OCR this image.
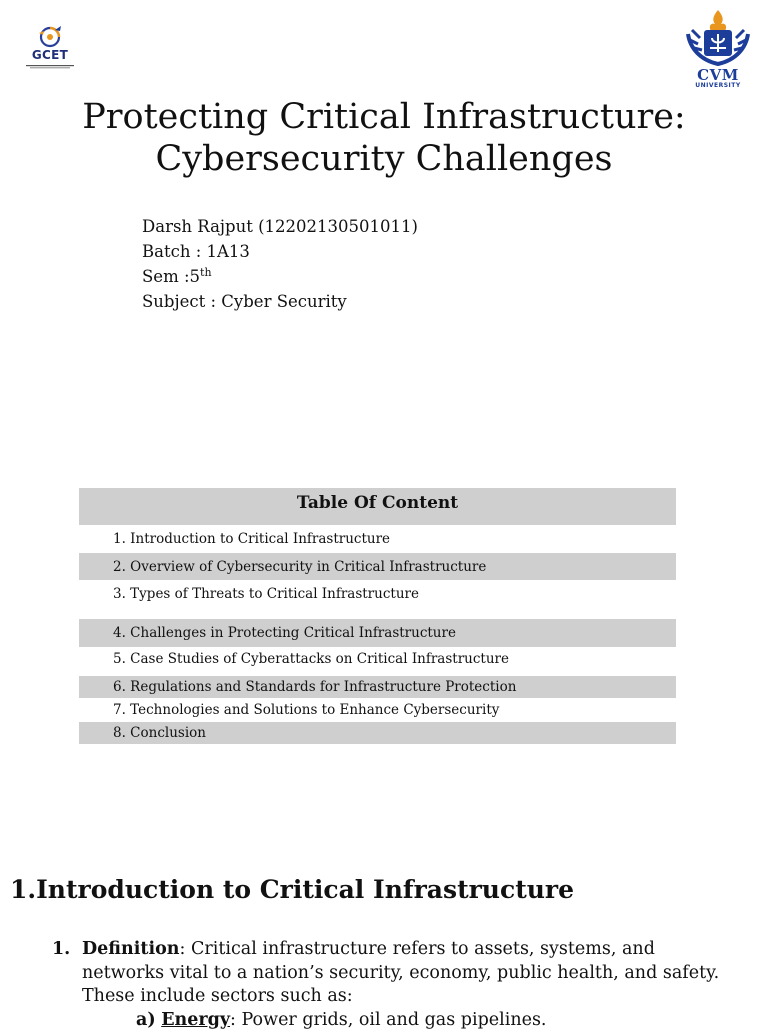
GCET
CVM
UNIVERSITY
Protecting Critical Infrastructure:
Cybersecurity Challenges
Darsh Rajput (12202130501011)
Batch : 1A13
Sem :5th
Subject : Cyber Security
Table Of Content
1. Introduction to Critical Infrastructure
2. Overview of Cybersecurity in Critical Infrastructure
3. Types of Threats to Critical Infrastructure
4. Challenges in Protecting Critical Infrastructure
5. Case Studies of Cyberattacks on Critical Infrastructure
6. Regulations and Standards for Infrastructure Protection
7. Technologies and Solutions to Enhance Cybersecurity
8. Conclusion
1.Introduction to Critical Infrastructure
1. Definition: Critical infrastructure refers to assets, systems, and networks vital to a nation’s security, economy, public health, and safety. These include sectors such as:
a) Energy: Power grids, oil and gas pipelines.
